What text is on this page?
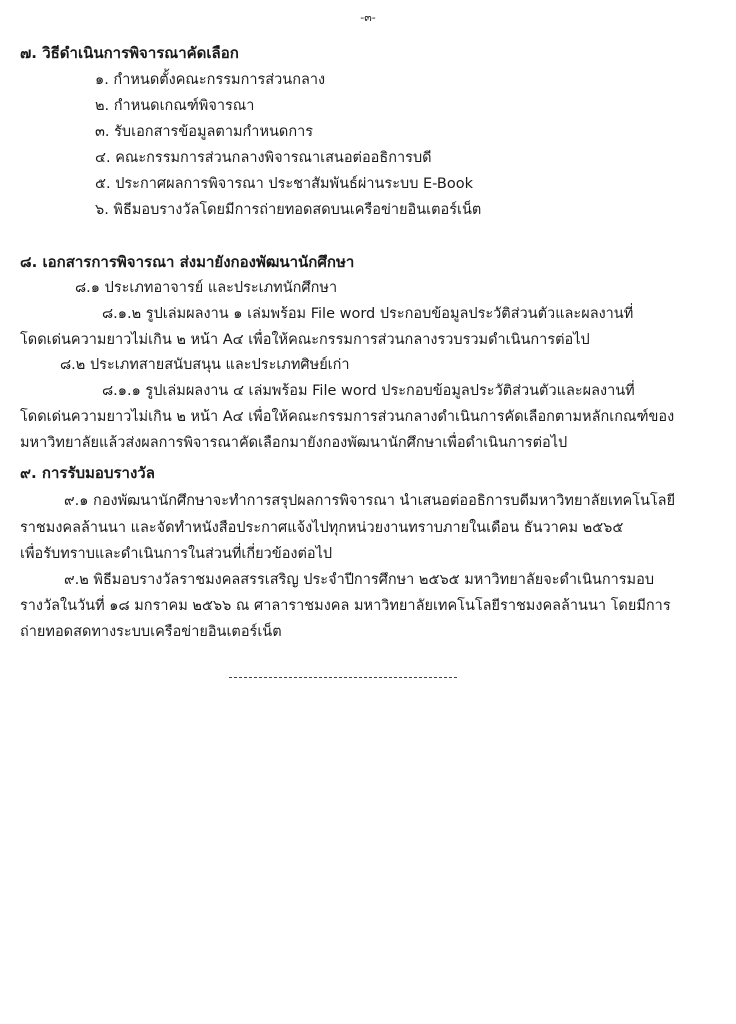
-๓-
๗. วิธีดำเนินการพิจารณาคัดเลือก
๑. กำหนดตั้งคณะกรรมการส่วนกลาง
๒. กำหนดเกณฑ์พิจารณา
๓. รับเอกสารข้อมูลตามกำหนดการ
๔. คณะกรรมการส่วนกลางพิจารณาเสนอต่ออธิการบดี
๕. ประกาศผลการพิจารณา ประชาสัมพันธ์ผ่านระบบ E-Book
๖. พิธีมอบรางวัลโดยมีการถ่ายทอดสดบนเครือข่ายอินเตอร์เน็ต
๘. เอกสารการพิจารณา ส่งมายังกองพัฒนานักศึกษา
๘.๑ ประเภทอาจารย์ และประเภทนักศึกษา
๘.๑.๒ รูปเล่มผลงาน ๑ เล่มพร้อม File word ประกอบข้อมูลประวัติส่วนตัวและผลงานที่
โดดเด่นความยาวไม่เกิน ๒ หน้า A๔ เพื่อให้คณะกรรมการส่วนกลางรวบรวมดำเนินการต่อไป
๘.๒ ประเภทสายสนับสนุน และประเภทศิษย์เก่า
๘.๑.๑ รูปเล่มผลงาน ๔ เล่มพร้อม File word ประกอบข้อมูลประวัติส่วนตัวและผลงานที่
โดดเด่นความยาวไม่เกิน ๒ หน้า A๔ เพื่อให้คณะกรรมการส่วนกลางดำเนินการคัดเลือกตามหลักเกณฑ์ของ
มหาวิทยาลัยแล้วส่งผลการพิจารณาคัดเลือกมายังกองพัฒนานักศึกษาเพื่อดำเนินการต่อไป
๙. การรับมอบรางวัล
๙.๑ กองพัฒนานักศึกษาจะทำการสรุปผลการพิจารณา นำเสนอต่ออธิการบดีมหาวิทยาลัยเทคโนโลยี
ราชมงคลล้านนา และจัดทำหนังสือประกาศแจ้งไปทุกหน่วยงานทราบภายในเดือน ธันวาคม ๒๕๖๕
เพื่อรับทราบและดำเนินการในส่วนที่เกี่ยวข้องต่อไป
๙.๒ พิธีมอบรางวัลราชมงคลสรรเสริญ ประจำปีการศึกษา ๒๕๖๕ มหาวิทยาลัยจะดำเนินการมอบ
รางวัลในวันที่ ๑๘ มกราคม ๒๕๖๖ ณ ศาลาราชมงคล มหาวิทยาลัยเทคโนโลยีราชมงคลล้านนา โดยมีการ
ถ่ายทอดสดทางระบบเครือข่ายอินเตอร์เน็ต
